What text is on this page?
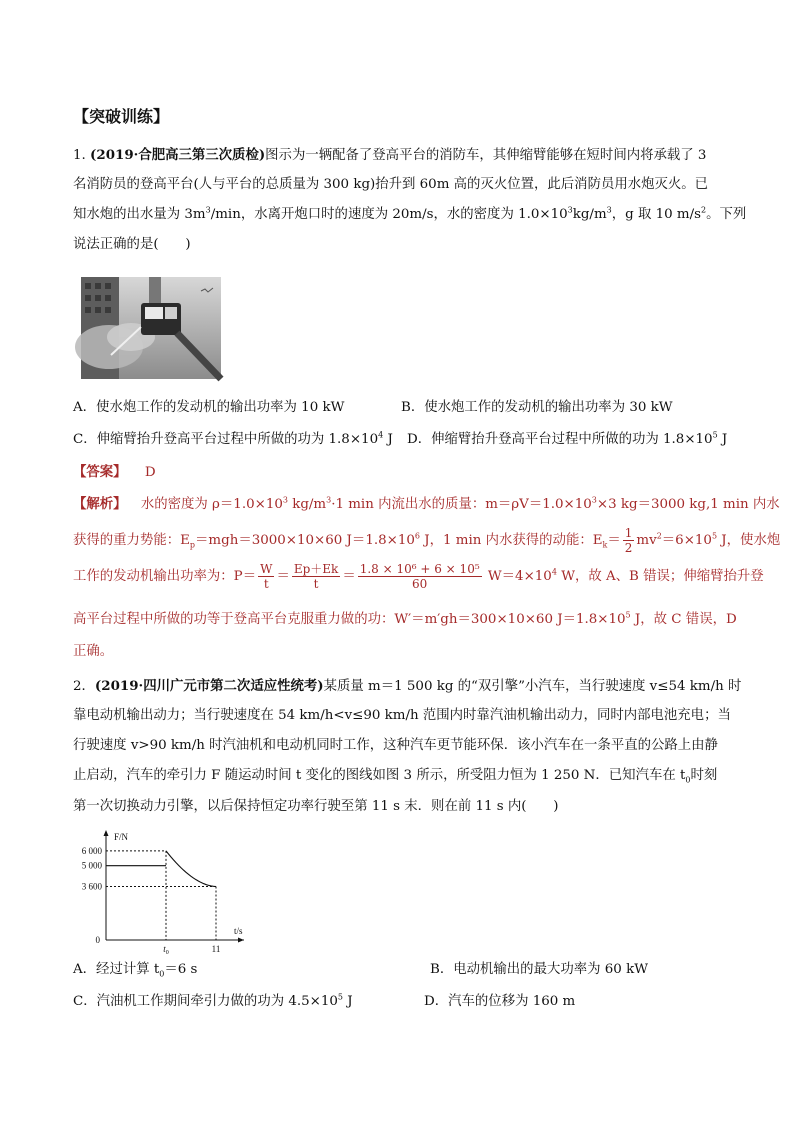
【突破训练】
1. (2019·合肥高三第三次质检)图示为一辆配备了登高平台的消防车，其伸缩臂能够在短时间内将承载了 3
名消防员的登高平台(人与平台的总质量为 300 kg)抬升到 60m 高的灭火位置，此后消防员用水炮灭火。已
知水炮的出水量为 $3m^3/\min$，水离开炮口时的速度为 20m/s，水的密度为 $1.0\times 10^3kg/m^3$，g 取 10 $m/s^2$。下列
说法正确的是(　　)
A．使水炮工作的发动机的输出功率为 10 kW	B．使水炮工作的发动机的输出功率为 30 kW
C．伸缩臂抬升登高平台过程中所做的功为 $1.8\times 10^4$ J D．伸缩臂抬升登高平台过程中所做的功为 $1.8\times 10^5$ J
【答案】 D
【解析】 水的密度为 $\rho=1.0\times 10^3$ $kg/m^3\cdot 1$ min 内流出水的质量：$m=\rho V=1.0\times 10^3\times 3$ kg＝3000 kg,1 min 内水
获得的重力势能：$E_p=mgh=3000\times 10\times 60$ $J=1.8\times 10^6$ J，1 min 内水获得的动能：$E_k= \frac{1}{2} mv^2=6\times 10^5$ J，使水炮
工作的发动机输出功率为：$P= \frac{W}{t} = \frac{Ep+Ek}{t} = \frac{\text{1.8 × 10⁶ + 6 × 10⁵}}{60} W=4\times 10^4$ W，故 A、B 错误；伸缩臂抬升登
高平台过程中所做的功等于登高平台克服重力做的功：W′＝m′gh＝300×10×60 $J=1.8\times 10^5$ J，故 C 错误，D
正确。
2．(2019·四川广元市第二次适应性统考)某质量 m＝1 500 kg 的“双引擎”小汽车，当行驶速度 v≤54 km/h 时
靠电动机输出动力；当行驶速度在 54 km/h<v≤90 km/h 范围内时靠汽油机输出动力，同时内部电池充电；当
行驶速度 v>90 km/h 时汽油机和电动机同时工作，这种汽车更节能环保．该小汽车在一条平直的公路上由静
止启动，汽车的牵引力 F 随运动时间 t 变化的图线如图 3 所示，所受阻力恒为 1 250 N．已知汽车在 $t_0$时刻
第一次切换动力引擎，以后保持恒定功率行驶至第 11 s 末．则在前 11 s 内(　　)
F/N
t/s
6 000
5 000
3 600
0
$t_0$	11
A．经过计算 $t_0=6$ s	B．电动机输出的最大功率为 60 kW
C．汽油机工作期间牵引力做的功为 $4.5\times 10^5$ J	D．汽车的位移为 160 m
